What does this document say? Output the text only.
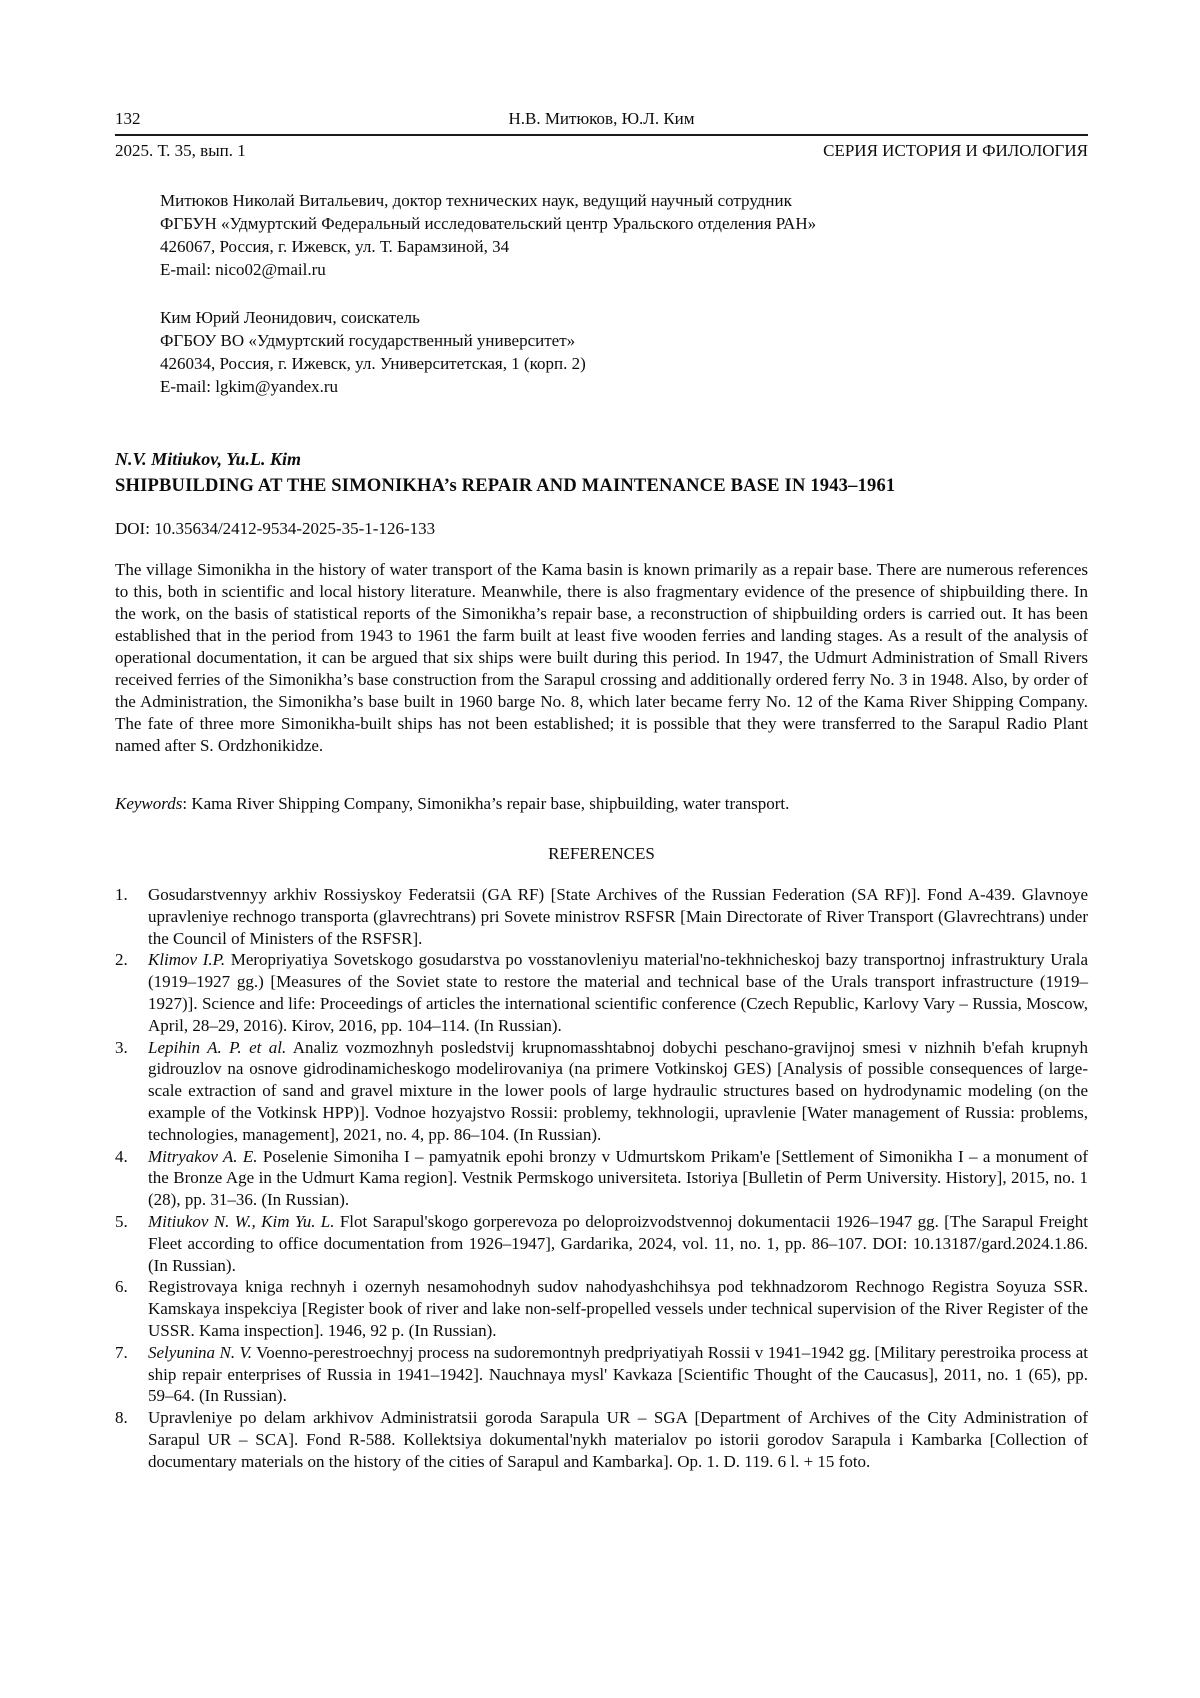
Н.В. Митюков, Ю.Л. Ким
132
2025. Т. 35, вып. 1	СЕРИЯ ИСТОРИЯ И ФИЛОЛОГИЯ
Митюков Николай Витальевич, доктор технических наук, ведущий научный сотрудник
ФГБУН «Удмуртский Федеральный исследовательский центр Уральского отделения РАН»
426067, Россия, г. Ижевск, ул. Т. Барамзиной, 34
E-mail: nico02@mail.ru
Ким Юрий Леонидович, соискатель
ФГБОУ ВО «Удмуртский государственный университет»
426034, Россия, г. Ижевск, ул. Университетская, 1 (корп. 2)
E-mail: lgkim@yandex.ru
N.V. Mitiukov, Yu.L. Kim
SHIPBUILDING AT THE SIMONIKHA’s REPAIR AND MAINTENANCE BASE IN 1943–1961
DOI: 10.35634/2412-9534-2025-35-1-126-133

The village Simonikha in the history of water transport of the Kama basin is known primarily as a repair base. There are numerous references to this, both in scientific and local history literature. Meanwhile, there is also fragmentary evidence of the presence of shipbuilding there. In the work, on the basis of statistical reports of the Simonikha’s repair base, a reconstruction of shipbuilding orders is carried out. It has been established that in the period from 1943 to 1961 the farm built at least five wooden ferries and landing stages. As a result of the analysis of operational documentation, it can be argued that six ships were built during this period. In 1947, the Udmurt Administration of Small Rivers received ferries of the Simonikha’s base construction from the Sarapul crossing and additionally ordered ferry No. 3 in 1948. Also, by order of the Administration, the Simonikha’s base built in 1960 barge No. 8, which later became ferry No. 12 of the Kama River Shipping Company. The fate of three more Simonikha-built ships has not been established; it is possible that they were transferred to the Sarapul Radio Plant named after S. Ordzhonikidze.

Keywords: Kama River Shipping Company, Simonikha’s repair base, shipbuilding, water transport.

REFERENCES
1.	Gosudarstvennyy arkhiv Rossiyskoy Federatsii (GA RF) [State Archives of the Russian Federation (SA RF)]. Fond A-439. Glavnoye upravleniye rechnogo transporta (glavrechtrans) pri Sovete ministrov RSFSR [Main Directorate of River Transport (Glavrechtrans) under the Council of Ministers of the RSFSR].
2.	Klimov I.P. Meropriyatiya Sovetskogo gosudarstva po vosstanovleniyu material'no-tekhnicheskoj bazy transportnoj infrastruktury Urala (1919–1927 gg.) [Measures of the Soviet state to restore the material and technical base of the Urals transport infrastructure (1919–1927)]. Science and life: Proceedings of articles the international scientific conference (Czech Republic, Karlovy Vary – Russia, Moscow, April, 28–29, 2016). Kirov, 2016, pp. 104–114. (In Russian).
3.	Lepihin A. P. et al. Analiz vozmozhnyh posledstvij krupnomasshtabnoj dobychi peschano-gravijnoj smesi v nizhnih b'efah krupnyh gidrouzlov na osnove gidrodinamicheskogo modelirovaniya (na primere Votkinskoj GES) [Analysis of possible consequences of large-scale extraction of sand and gravel mixture in the lower pools of large hydraulic structures based on hydrodynamic modeling (on the example of the Votkinsk HPP)]. Vodnoe hozyajstvo Rossii: problemy, tekhnologii, upravlenie [Water management of Russia: problems, technologies, management], 2021, no. 4, pp. 86–104. (In Russian).
4.	Mitryakov A. E. Poselenie Simoniha I – pamyatnik epohi bronzy v Udmurtskom Prikam'e [Settlement of Simonikha I – a monument of the Bronze Age in the Udmurt Kama region]. Vestnik Permskogo universiteta. Istoriya [Bulletin of Perm University. History], 2015, no. 1 (28), pp. 31–36. (In Russian).
5.	Mitiukov N. W., Kim Yu. L. Flot Sarapul'skogo gorperevoza po deloproizvodstvennoj dokumentacii 1926–1947 gg. [The Sarapul Freight Fleet according to office documentation from 1926–1947], Gardarika, 2024, vol. 11, no. 1, pp. 86–107. DOI: 10.13187/gard.2024.1.86. (In Russian).
6.	Registrovaya kniga rechnyh i ozernyh nesamohodnyh sudov nahodyashchihsya pod tekhnadzorom Rechnogo Registra Soyuza SSR. Kamskaya inspekciya [Register book of river and lake non-self-propelled vessels under technical supervision of the River Register of the USSR. Kama inspection]. 1946, 92 p. (In Russian).
7.	Selyunina N. V. Voenno-perestroechnyj process na sudoremontnyh predpriyatiyah Rossii v 1941–1942 gg. [Military perestroika process at ship repair enterprises of Russia in 1941–1942]. Nauchnaya mysl' Kavkaza [Scientific Thought of the Caucasus], 2011, no. 1 (65), pp. 59–64. (In Russian).
8.	Upravleniye po delam arkhivov Administratsii goroda Sarapula UR – SGA [Department of Archives of the City Administration of Sarapul UR – SCA]. Fond R-588. Kollektsiya dokumental'nykh materialov po istorii gorodov Sarapula i Kambarka [Collection of documentary materials on the history of the cities of Sarapul and Kambarka]. Op. 1. D. 119. 6 l. + 15 foto.
